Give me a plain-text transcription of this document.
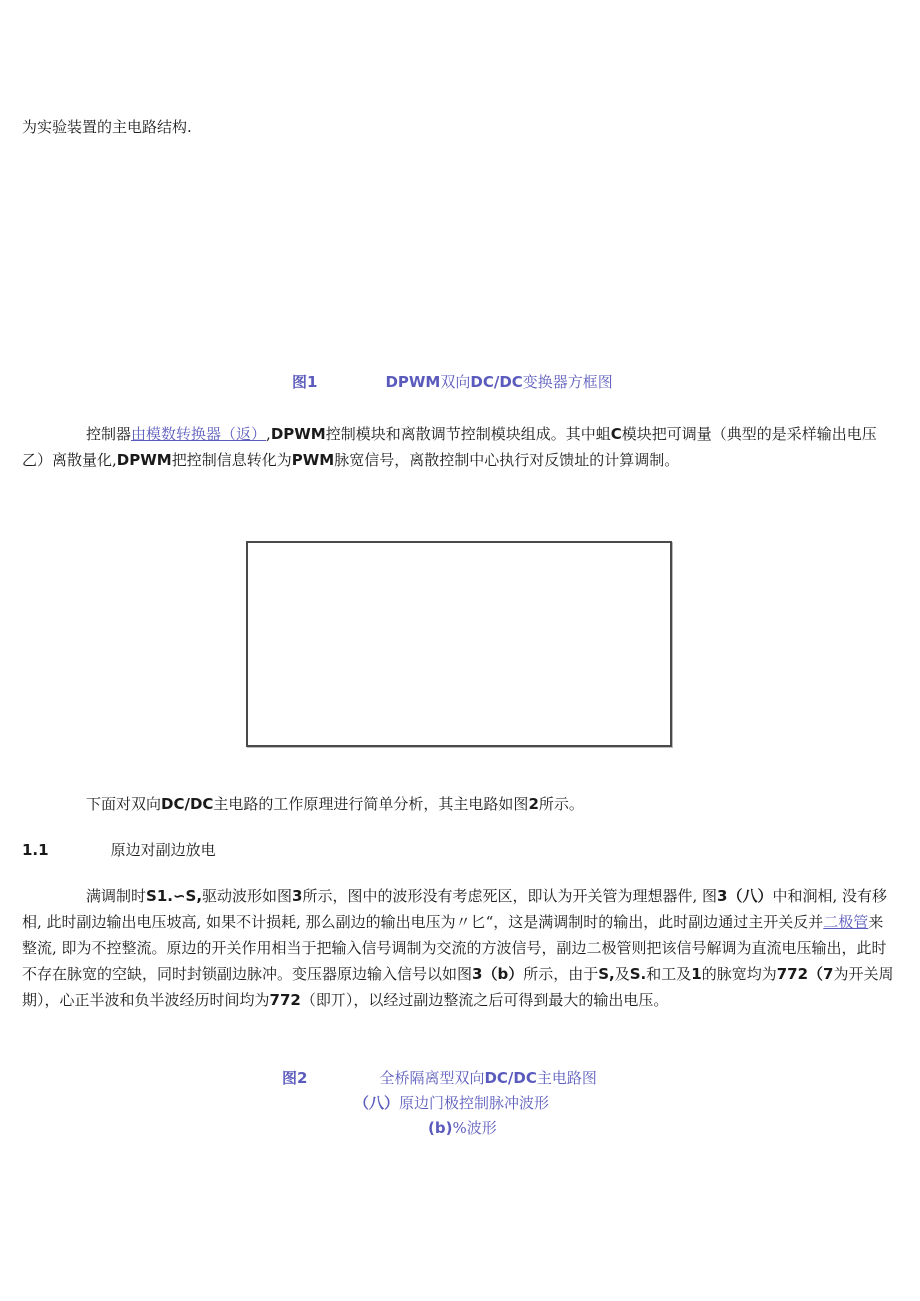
为实验装置的主电路结构.
图1	DPWM双向DC/DC变换器方框图
控制器由模数转换器（返）,DPWM控制模块和离散调节控制模块组成。其中蛆C模块把可调量（典型的是采样输出电压乙）离散量化,DPWM把控制信息转化为PWM脉宽信号，离散控制中心执行对反馈址的计算调制。
下面对双向DC/DC主电路的工作原理进行简单分析，其主电路如图2所示。
1.1	原边对副边放电
满调制时S1.∽S,驱动波形如图3所示，图中的波形没有考虑死区，即认为开关管为理想器件, 图3（八）中和涧相, 没有移相, 此时副边输出电压坡高, 如果不计损耗, 那么副边的输出电压为〃匕“，这是满调制时的输出，此时副边通过主开关反并二极管来整流, 即为不控整流。原边的开关作用相当于把输入信号调制为交流的方波信号，副边二极管则把该信号解调为直流电压输出，此时不存在脉宽的空缺，同时封锁副边脉冲。变压器原边输入信号以如图3（b）所示，由于S,及S.和工及1的脉宽均为772（7为开关周期），心正半波和负半波经历时间均为772（即丌），以经过副边整流之后可得到最大的输出电压。
图2	全桥隔离型双向DC/DC主电路图
（八）原边门极控制脉冲波形
(b)%波形
